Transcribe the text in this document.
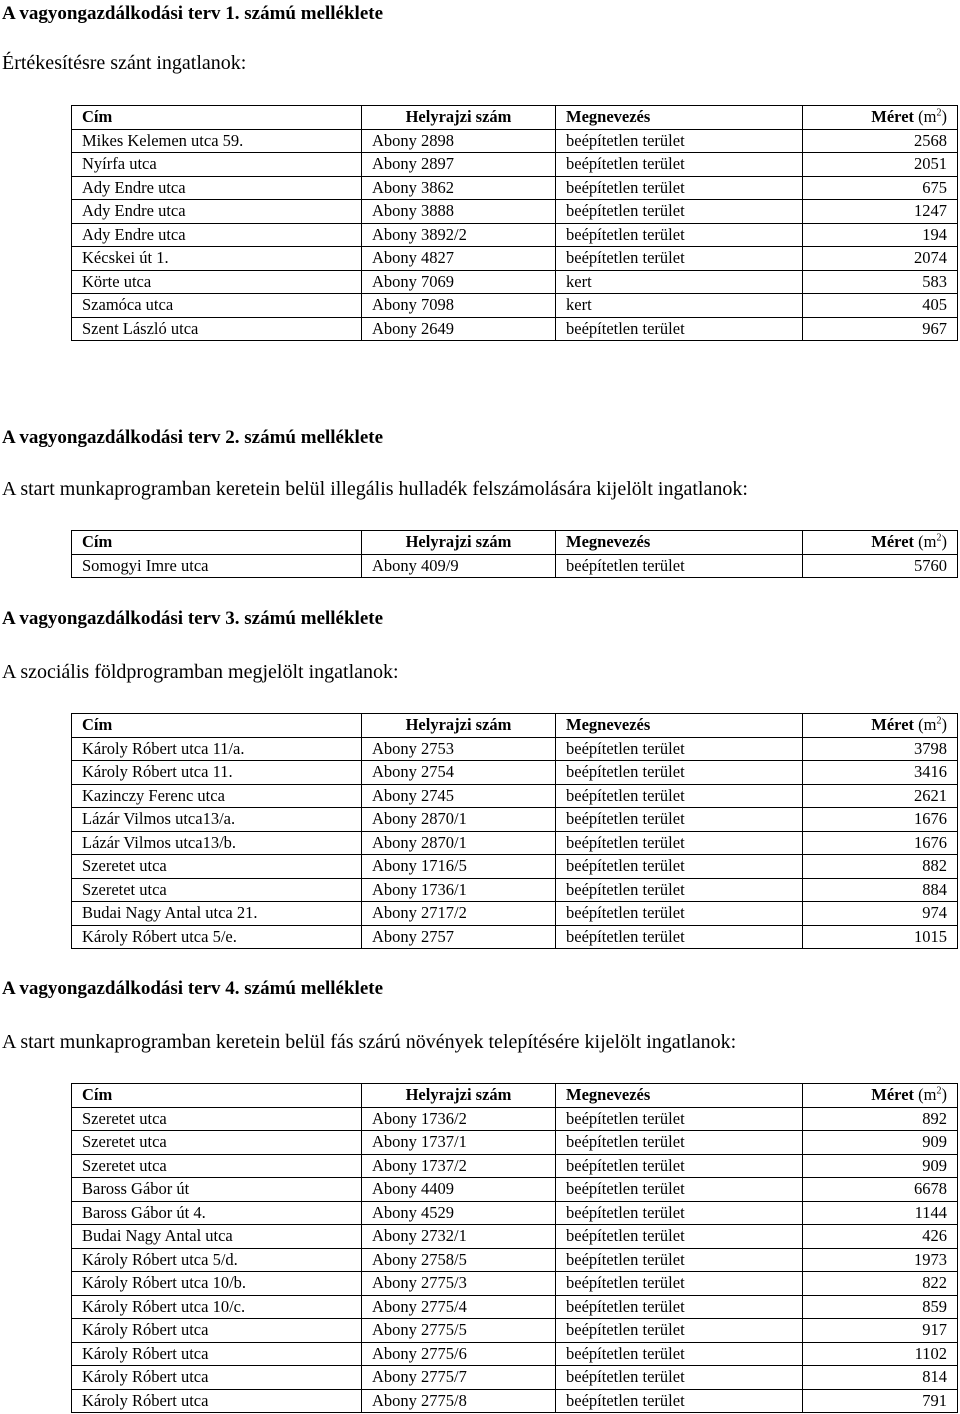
A vagyongazdálkodási terv 1. számú melléklete
Értékesítésre szánt ingatlanok:
Cím	Helyrajzi szám	Megnevezés	Méret $(m^2)$
Mikes Kelemen utca 59.	Abony 2898	beépítetlen terület	2568
Nyírfa utca	Abony 2897	beépítetlen terület	2051
Ady Endre utca	Abony 3862	beépítetlen terület	675
Ady Endre utca	Abony 3888	beépítetlen terület	1247
Ady Endre utca	Abony 3892/2	beépítetlen terület	194
Kécskei út 1.	Abony 4827	beépítetlen terület	2074
Körte utca	Abony 7069	kert	583
Szamóca utca	Abony 7098	kert	405
Szent László utca	Abony 2649	beépítetlen terület	967
A vagyongazdálkodási terv 2. számú melléklete
A start munkaprogramban keretein belül illegális hulladék felszámolására kijelölt ingatlanok:
Cím	Helyrajzi szám	Megnevezés	Méret $(m^2)$
Somogyi Imre utca	Abony 409/9	beépítetlen terület	5760
A vagyongazdálkodási terv 3. számú melléklete
A szociális földprogramban megjelölt ingatlanok:
Cím	Helyrajzi szám	Megnevezés	Méret $(m^2)$
Károly Róbert utca 11/a.	Abony 2753	beépítetlen terület	3798
Károly Róbert utca 11.	Abony 2754	beépítetlen terület	3416
Kazinczy Ferenc utca	Abony 2745	beépítetlen terület	2621
Lázár Vilmos utca13/a.	Abony 2870/1	beépítetlen terület	1676
Lázár Vilmos utca13/b.	Abony 2870/1	beépítetlen terület	1676
Szeretet utca	Abony 1716/5	beépítetlen terület	882
Szeretet utca	Abony 1736/1	beépítetlen terület	884
Budai Nagy Antal utca 21.	Abony 2717/2	beépítetlen terület	974
Károly Róbert utca 5/e.	Abony 2757	beépítetlen terület	1015
A vagyongazdálkodási terv 4. számú melléklete
A start munkaprogramban keretein belül fás szárú növények telepítésére kijelölt ingatlanok:
Cím	Helyrajzi szám	Megnevezés	Méret $(m^2)$
Szeretet utca	Abony 1736/2	beépítetlen terület	892
Szeretet utca	Abony 1737/1	beépítetlen terület	909
Szeretet utca	Abony 1737/2	beépítetlen terület	909
Baross Gábor út	Abony 4409	beépítetlen terület	6678
Baross Gábor út 4.	Abony 4529	beépítetlen terület	1144
Budai Nagy Antal utca	Abony 2732/1	beépítetlen terület	426
Károly Róbert utca 5/d.	Abony 2758/5	beépítetlen terület	1973
Károly Róbert utca 10/b.	Abony 2775/3	beépítetlen terület	822
Károly Róbert utca 10/c.	Abony 2775/4	beépítetlen terület	859
Károly Róbert utca	Abony 2775/5	beépítetlen terület	917
Károly Róbert utca	Abony 2775/6	beépítetlen terület	1102
Károly Róbert utca	Abony 2775/7	beépítetlen terület	814
Károly Róbert utca	Abony 2775/8	beépítetlen terület	791
